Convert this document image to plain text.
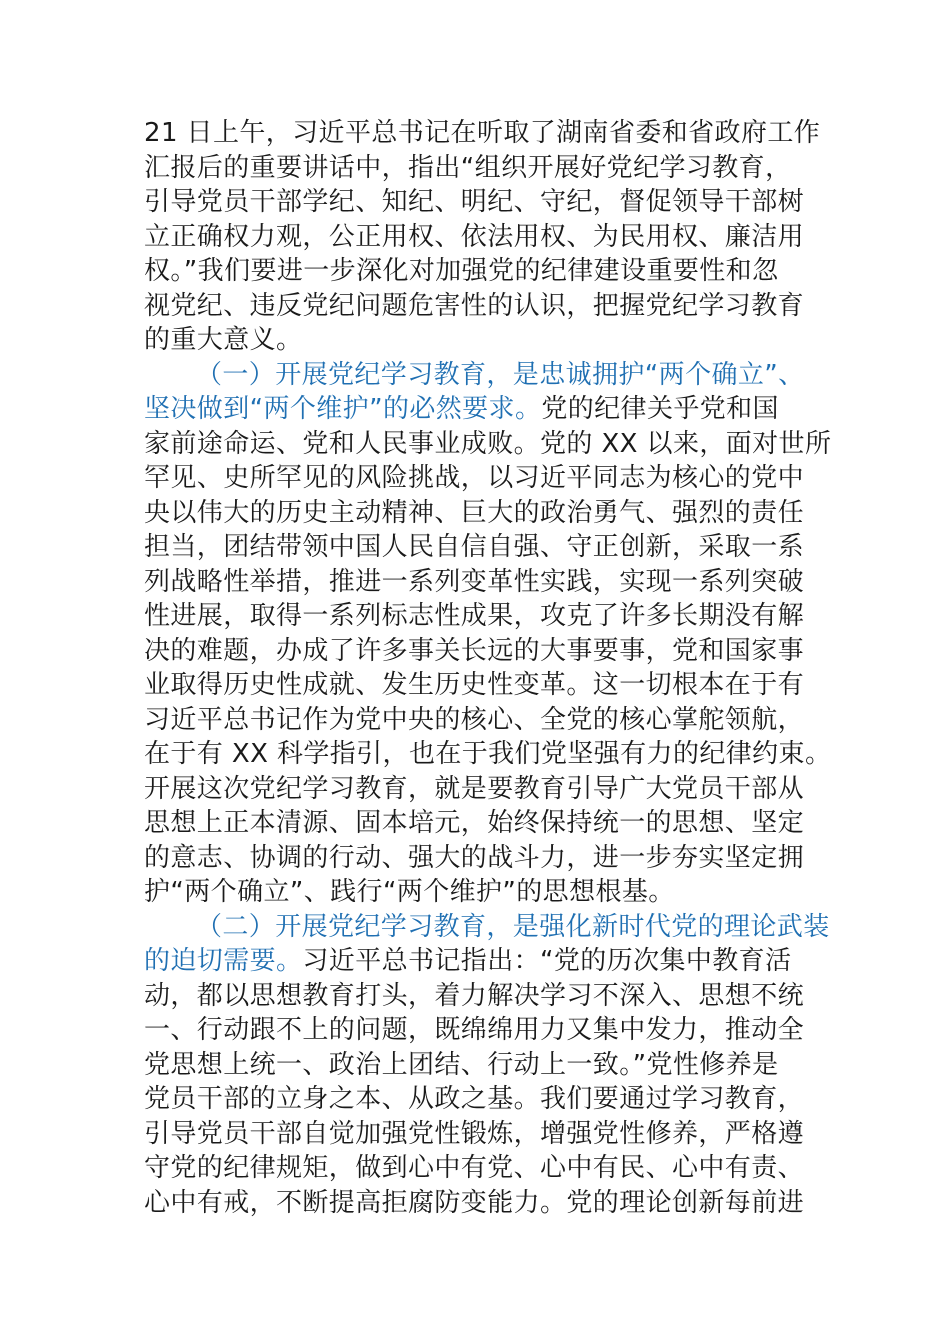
21 日上午，习近平总书记在听取了湖南省委和省政府工作
汇报后的重要讲话中，指出“组织开展好党纪学习教育，
引导党员干部学纪、知纪、明纪、守纪，督促领导干部树
立正确权力观，公正用权、依法用权、为民用权、廉洁用
权。”我们要进一步深化对加强党的纪律建设重要性和忽
视党纪、违反党纪问题危害性的认识，把握党纪学习教育
的重大意义。

（一）开展党纪学习教育，是忠诚拥护“两个确立”、
坚决做到“两个维护”的必然要求。党的纪律关乎党和国
家前途命运、党和人民事业成败。党的 XX 以来，面对世所
罕见、史所罕见的风险挑战，以习近平同志为核心的党中
央以伟大的历史主动精神、巨大的政治勇气、强烈的责任
担当，团结带领中国人民自信自强、守正创新，采取一系
列战略性举措，推进一系列变革性实践，实现一系列突破
性进展，取得一系列标志性成果，攻克了许多长期没有解
决的难题，办成了许多事关长远的大事要事，党和国家事
业取得历史性成就、发生历史性变革。这一切根本在于有
习近平总书记作为党中央的核心、全党的核心掌舵领航，
在于有 XX 科学指引，也在于我们党坚强有力的纪律约束。
开展这次党纪学习教育，就是要教育引导广大党员干部从
思想上正本清源、固本培元，始终保持统一的思想、坚定
的意志、协调的行动、强大的战斗力，进一步夯实坚定拥
护“两个确立”、践行“两个维护”的思想根基。

（二）开展党纪学习教育，是强化新时代党的理论武装
的迫切需要。习近平总书记指出：“党的历次集中教育活
动，都以思想教育打头，着力解决学习不深入、思想不统
一、行动跟不上的问题，既绵绵用力又集中发力，推动全
党思想上统一、政治上团结、行动上一致。”党性修养是
党员干部的立身之本、从政之基。我们要通过学习教育，
引导党员干部自觉加强党性锻炼，增强党性修养，严格遵
守党的纪律规矩，做到心中有党、心中有民、心中有责、
心中有戒，不断提高拒腐防变能力。党的理论创新每前进
